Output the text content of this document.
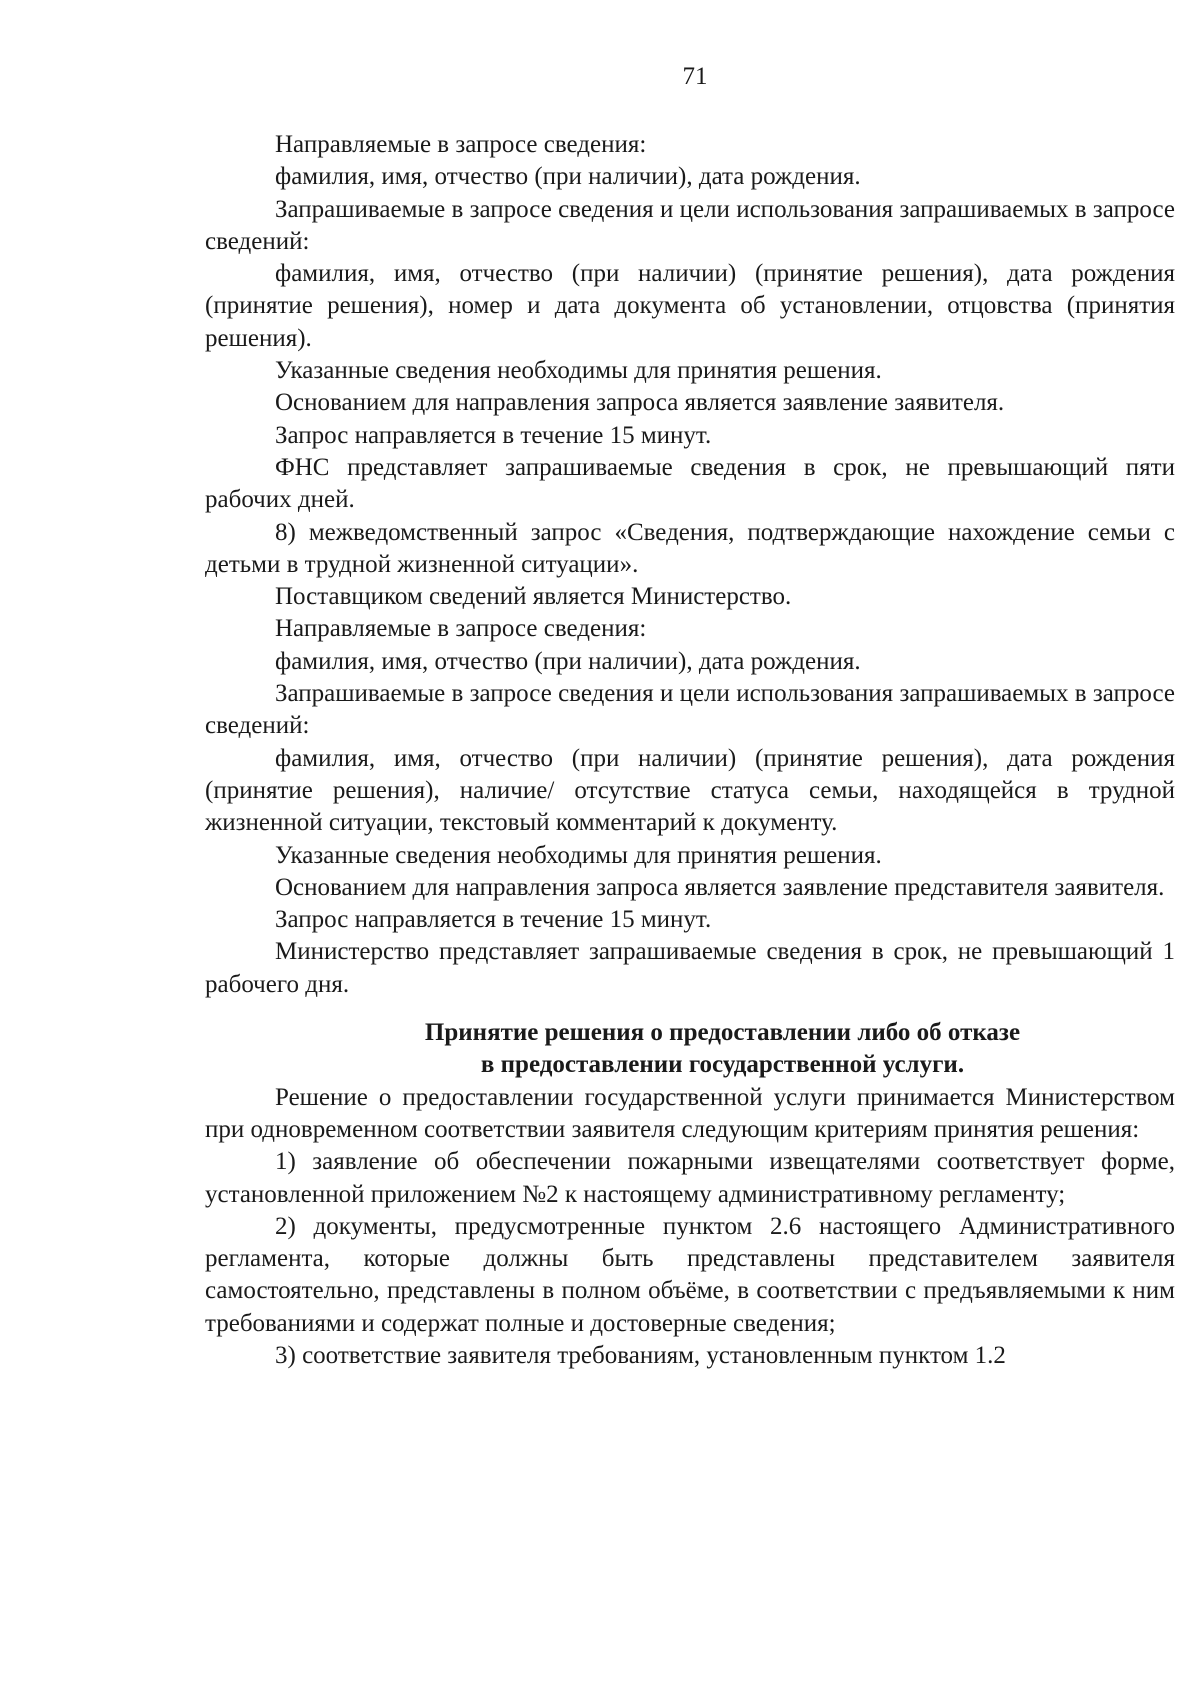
71

Направляемые в запросе сведения:

фамилия, имя, отчество (при наличии), дата рождения.

Запрашиваемые в запросе сведения и цели использования запрашиваемых в запросе сведений:

фамилия, имя, отчество (при наличии) (принятие решения), дата рождения (принятие решения), номер и дата документа об установлении, отцовства (принятия решения).

Указанные сведения необходимы для принятия решения.

Основанием для направления запроса является заявление заявителя.

Запрос направляется в течение 15 минут.

ФНС представляет запрашиваемые сведения в срок, не превышающий пяти рабочих дней.

8) межведомственный запрос «Сведения, подтверждающие нахождение семьи с детьми в трудной жизненной ситуации».

Поставщиком сведений является Министерство.

Направляемые в запросе сведения:

фамилия, имя, отчество (при наличии), дата рождения.

Запрашиваемые в запросе сведения и цели использования запрашиваемых в запросе сведений:

фамилия, имя, отчество (при наличии) (принятие решения), дата рождения (принятие решения), наличие/ отсутствие статуса семьи, находящейся в трудной жизненной ситуации, текстовый комментарий к документу.

Указанные сведения необходимы для принятия решения.

Основанием для направления запроса является заявление представителя заявителя.

Запрос направляется в течение 15 минут.

Министерство представляет запрашиваемые сведения в срок, не превышающий 1 рабочего дня.

Принятие решения о предоставлении либо об отказе
в предоставлении государственной услуги.

Решение о предоставлении государственной услуги принимается Министерством при одновременном соответствии заявителя следующим критериям принятия решения:

1) заявление об обеспечении пожарными извещателями соответствует форме, установленной приложением №2 к настоящему административному регламенту;

2) документы, предусмотренные пунктом 2.6 настоящего Административного регламента, которые должны быть представлены представителем заявителя самостоятельно, представлены в полном объёме, в соответствии с предъявляемыми к ним требованиями и содержат полные и достоверные сведения;

3) соответствие заявителя требованиям, установленным пунктом 1.2
